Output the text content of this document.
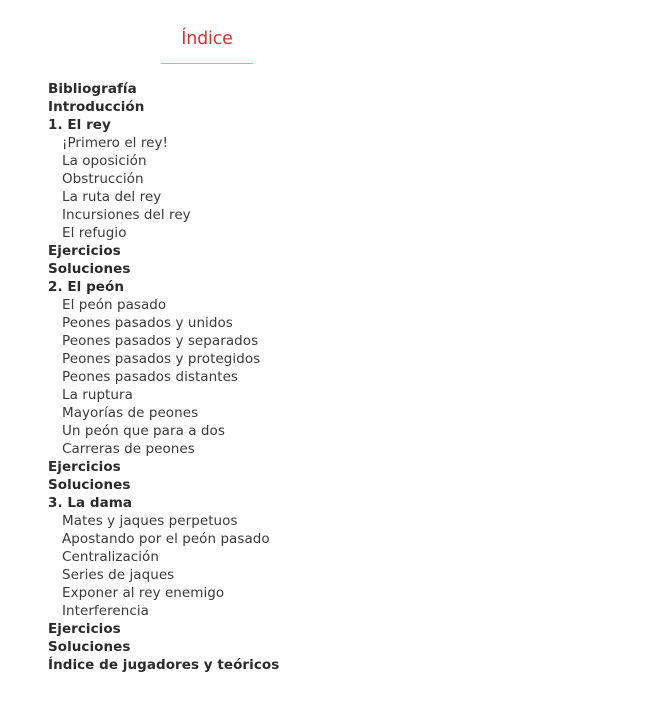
Índice
Bibliografía
Introducción
1. El rey
¡Primero el rey!
La oposición
Obstrucción
La ruta del rey
Incursiones del rey
El refugio
Ejercicios
Soluciones
2. El peón
El peón pasado
Peones pasados y unidos
Peones pasados y separados
Peones pasados y protegidos
Peones pasados distantes
La ruptura
Mayorías de peones
Un peón que para a dos
Carreras de peones
Ejercicios
Soluciones
3. La dama
Mates y jaques perpetuos
Apostando por el peón pasado
Centralización
Series de jaques
Exponer al rey enemigo
Interferencia
Ejercicios
Soluciones
Índice de jugadores y teóricos
